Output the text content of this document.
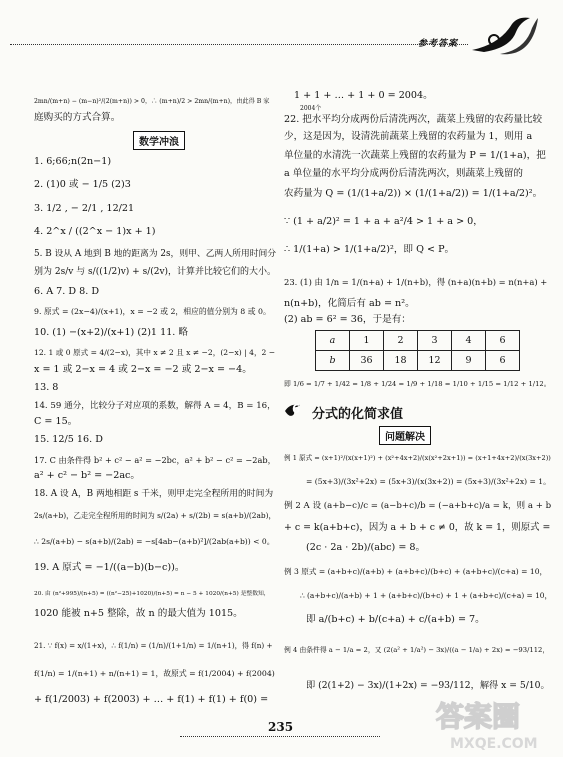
参考答案
2mn/(m+n) − (m−n)²/(2(m+n)) > 0，∴ (m+n)/2 > 2mn/(m+n)，由此得 B 家
庭购买的方式合算。
数学冲浪
1. 6;66;n(2n−1)
2. (1)0 或 − 1/5 (2)3
3. 1/2 , − 2/1 , 12/21
4. 2^x / ((2^x − 1)x + 1)
5. B 设从 A 地到 B 地的距离为 2s，则甲、乙两人所用时间分
别为 2s/v 与 s/((1/2)v) + s/(2v)，计算并比较它们的大小。
6. A 7. D 8. D
9. 原式 = (2x−4)/(x+1)，x = −2 或 2，相应的值分别为 8 或 0。
10. (1) −(x+2)/(x+1) (2)1 11. 略
12. 1 或 0 原式 = 4/(2−x)，其中 x ≠ 2 且 x ≠ −2，(2−x) | 4，2 −
x = 1 或 2−x = 4 或 2−x = −2 或 2−x = −4。
13. 8
14. 59 通分，比较分子对应项的系数，解得 A = 4，B = 16，
C = 15。
15. 12/5 16. D
17. C 由条件得 b² + c² − a² = −2bc，a² + b² − c² = −2ab，
a² + c² − b² = −2ac。
18. A 设 A，B 两地相距 s 千米，则甲走完全程所用的时间为
2s/(a+b)，乙走完全程所用的时间为 s/(2a) + s/(2b) = s(a+b)/(2ab)，
∴ 2s/(a+b) − s(a+b)/(2ab) = −s[4ab−(a+b)²]/(2ab(a+b)) < 0。
19. A 原式 = −1/((a−b)(b−c))。
20. 由 (n²+995)/(n+5) = ((n²−25)+1020)/(n+5) = n − 5 + 1020/(n+5) 是整数知，
1020 能被 n+5 整除，故 n 的最大值为 1015。
21. ∵ f(x) = x/(1+x)，∴ f(1/n) = (1/n)/(1+1/n) = 1/(n+1)，得 f(n) +
f(1/n) = 1/(n+1) + n/(n+1) = 1，故原式 = f(1/2004) + f(2004)
+ f(1/2003) + f(2003) + … + f(1) + f(1) + f(0) =
1 + 1 + … + 1 + 0 = 2004。
2004个
22. 把水平均分成两份后清洗两次，蔬菜上残留的农药量比较
少，这是因为，设清洗前蔬菜上残留的农药量为 1，则用 a
单位量的水清洗一次蔬菜上残留的农药量为 P = 1/(1+a)，把
a 单位量的水平均分成两份后清洗两次，则蔬菜上残留的
农药量为 Q = (1/(1+a/2)) × (1/(1+a/2)) = 1/(1+a/2)²。
∵ (1 + a/2)² = 1 + a + a²/4 > 1 + a > 0，
∴ 1/(1+a) > 1/(1+a/2)²，即 Q < P。
23. (1) 由 1/n = 1/(n+a) + 1/(n+b)，得 (n+a)(n+b) = n(n+a) +
n(n+b)，化简后有 ab = n²。
(2) ab = 6² = 36，于是有：
a	1	2	3	4	6
b	36	18	12	9	6
即 1/6 = 1/7 + 1/42 = 1/8 + 1/24 = 1/9 + 1/18 = 1/10 + 1/15 = 1/12 + 1/12。
6 分式的化简求值
问题解决
例 1 原式 = (x+1)²/(x(x+1)²) + (x²+4x+2)/(x(x²+2x+1)) = (x+1+4x+2)/(x(3x+2))
= (5x+3)/(3x²+2x) = (5x+3)/(x(3x+2)) = (5x+3)/(3x²+2x) = 1。
例 2 A 设 (a+b−c)/c = (a−b+c)/b = (−a+b+c)/a = k，则 a + b
+ c = k(a+b+c)，因为 a + b + c ≠ 0，故 k = 1，则原式 =
(2c · 2a · 2b)/(abc) = 8。
例 3 原式 = (a+b+c)/(a+b) + (a+b+c)/(b+c) + (a+b+c)/(c+a) = 10，
∴ (a+b+c)/(a+b) + 1 + (a+b+c)/(b+c) + 1 + (a+b+c)/(c+a) = 10，
即 a/(b+c) + b/(c+a) + c/(a+b) = 7。
例 4 由条件得 a − 1/a = 2，又 (2(a² + 1/a²) − 3x)/((a − 1/a) + 2x) = −93/112，
即 (2(1+2) − 3x)/(1+2x) = −93/112，解得 x = 5/10。
235	答案圈
MXQE.COM
